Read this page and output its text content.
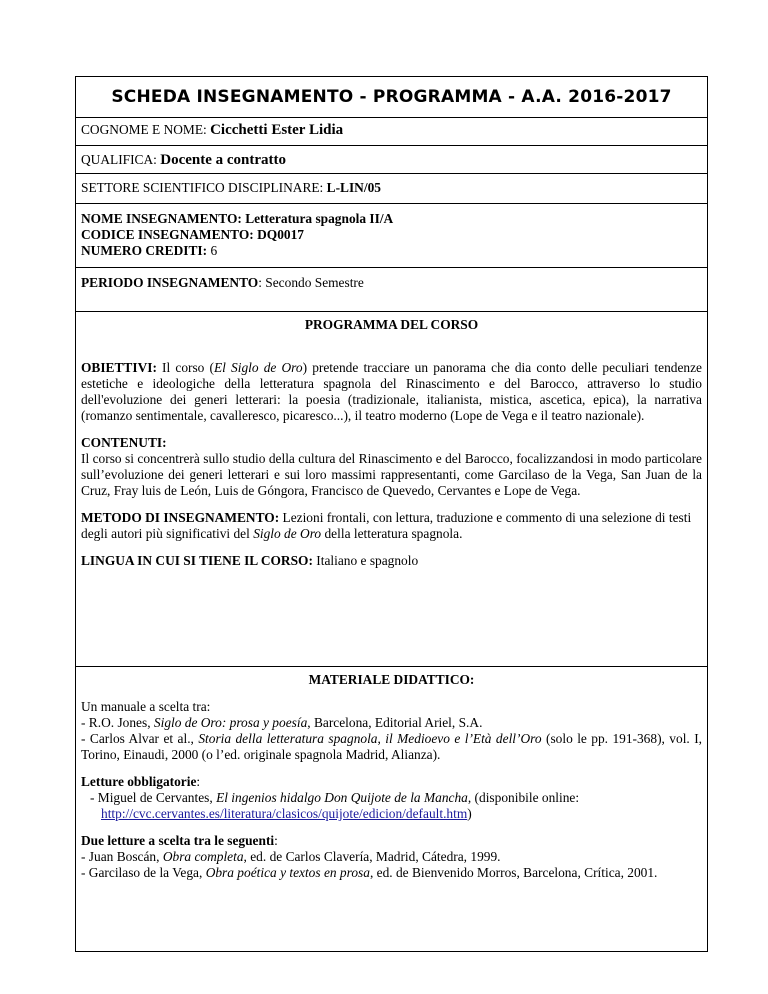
SCHEDA INSEGNAMENTO - PROGRAMMA - A.A. 2016-2017
COGNOME E NOME: Cicchetti Ester Lidia
QUALIFICA: Docente a contratto
SETTORE SCIENTIFICO DISCIPLINARE: L-LIN/05
NOME INSEGNAMENTO: Letteratura spagnola II/A
CODICE INSEGNAMENTO: DQ0017
NUMERO CREDITI: 6
PERIODO INSEGNAMENTO: Secondo Semestre
PROGRAMMA DEL CORSO
OBIETTIVI: Il corso (El Siglo de Oro) pretende tracciare un panorama che dia conto delle peculiari tendenze estetiche e ideologiche della letteratura spagnola del Rinascimento e del Barocco, attraverso lo studio dell'evoluzione dei generi letterari: la poesia (tradizionale, italianista, mistica, ascetica, epica), la narrativa (romanzo sentimentale, cavalleresco, picaresco...), il teatro moderno (Lope de Vega e il teatro nazionale).
CONTENUTI:
Il corso si concentrerà sullo studio della cultura del Rinascimento e del Barocco, focalizzandosi in modo particolare sull’evoluzione dei generi letterari e sui loro massimi rappresentanti, come Garcilaso de la Vega, San Juan de la Cruz, Fray luis de León, Luis de Góngora, Francisco de Quevedo, Cervantes e Lope de Vega.
METODO DI INSEGNAMENTO: Lezioni frontali, con lettura, traduzione e commento di una selezione di testi degli autori più significativi del Siglo de Oro della letteratura spagnola.
LINGUA IN CUI SI TIENE IL CORSO: Italiano e spagnolo
MATERIALE DIDATTICO:
Un manuale a scelta tra:
- R.O. Jones, Siglo de Oro: prosa y poesía, Barcelona, Editorial Ariel, S.A.
- Carlos Alvar et al., Storia della letteratura spagnola, il Medioevo e l’Età dell’Oro (solo le pp. 191-368), vol. I, Torino, Einaudi, 2000 (o l’ed. originale spagnola Madrid, Alianza).
Letture obbligatorie:
- Miguel de Cervantes, El ingenios hidalgo Don Quijote de la Mancha, (disponibile online:
http://cvc.cervantes.es/literatura/clasicos/quijote/edicion/default.htm)
Due letture a scelta tra le seguenti:
- Juan Boscán, Obra completa, ed. de Carlos Clavería, Madrid, Cátedra, 1999.
- Garcilaso de la Vega, Obra poética y textos en prosa, ed. de Bienvenido Morros, Barcelona, Crítica, 2001.
